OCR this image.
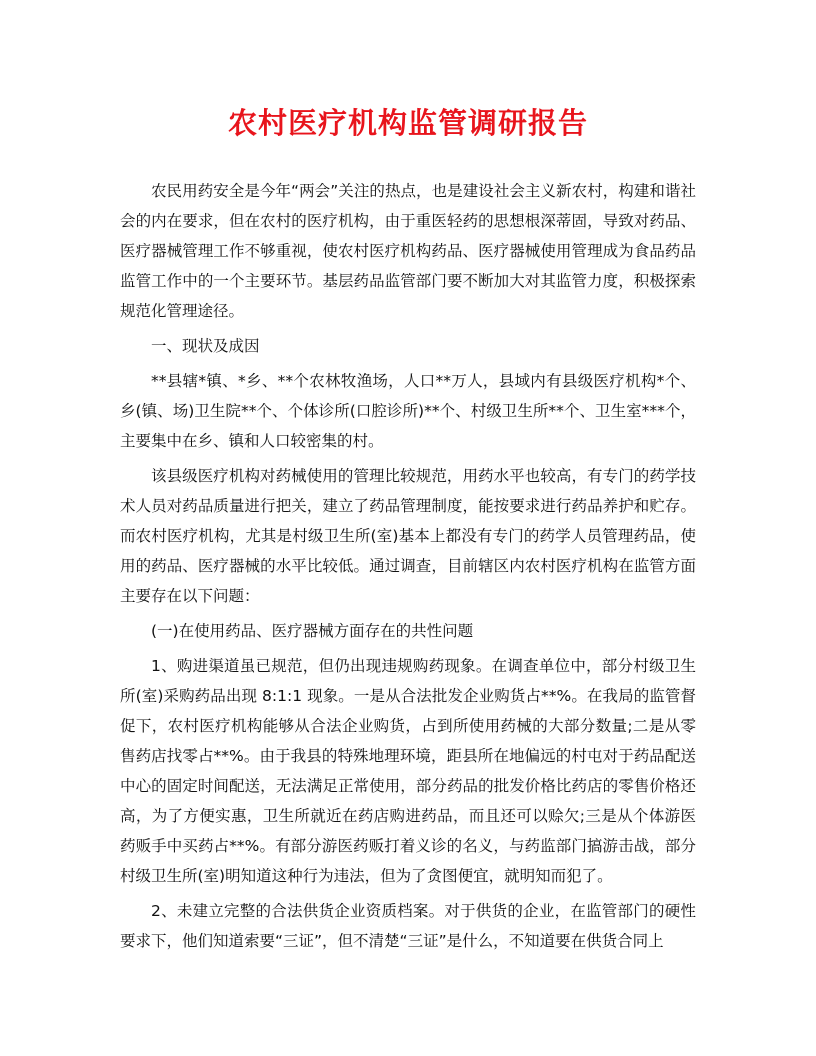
农村医疗机构监管调研报告

农民用药安全是今年“两会”关注的热点，也是建设社会主义新农村，构建和谐社会的内在要求，但在农村的医疗机构，由于重医轻药的思想根深蒂固，导致对药品、医疗器械管理工作不够重视，使农村医疗机构药品、医疗器械使用管理成为食品药品监管工作中的一个主要环节。基层药品监管部门要不断加大对其监管力度，积极探索规范化管理途径。

一、现状及成因

**县辖*镇、*乡、**个农林牧渔场，人口**万人，县域内有县级医疗机构*个、乡(镇、场)卫生院**个、个体诊所(口腔诊所)**个、村级卫生所**个、卫生室***个，主要集中在乡、镇和人口较密集的村。

该县级医疗机构对药械使用的管理比较规范，用药水平也较高，有专门的药学技术人员对药品质量进行把关，建立了药品管理制度，能按要求进行药品养护和贮存。而农村医疗机构，尤其是村级卫生所(室)基本上都没有专门的药学人员管理药品，使用的药品、医疗器械的水平比较低。通过调查，目前辖区内农村医疗机构在监管方面主要存在以下问题：

(一)在使用药品、医疗器械方面存在的共性问题

1、购进渠道虽已规范，但仍出现违规购药现象。在调查单位中，部分村级卫生所(室)采购药品出现 8:1:1 现象。一是从合法批发企业购货占**%。在我局的监管督促下，农村医疗机构能够从合法企业购货，占到所使用药械的大部分数量;二是从零售药店找零占**%。由于我县的特殊地理环境，距县所在地偏远的村屯对于药品配送中心的固定时间配送，无法满足正常使用，部分药品的批发价格比药店的零售价格还高，为了方便实惠，卫生所就近在药店购进药品，而且还可以赊欠;三是从个体游医药贩手中买药占**%。有部分游医药贩打着义诊的名义，与药监部门搞游击战，部分村级卫生所(室)明知道这种行为违法，但为了贪图便宜，就明知而犯了。

2、未建立完整的合法供货企业资质档案。对于供货的企业，在监管部门的硬性要求下，他们知道索要“三证”，但不清楚“三证”是什么，不知道要在供货合同上
